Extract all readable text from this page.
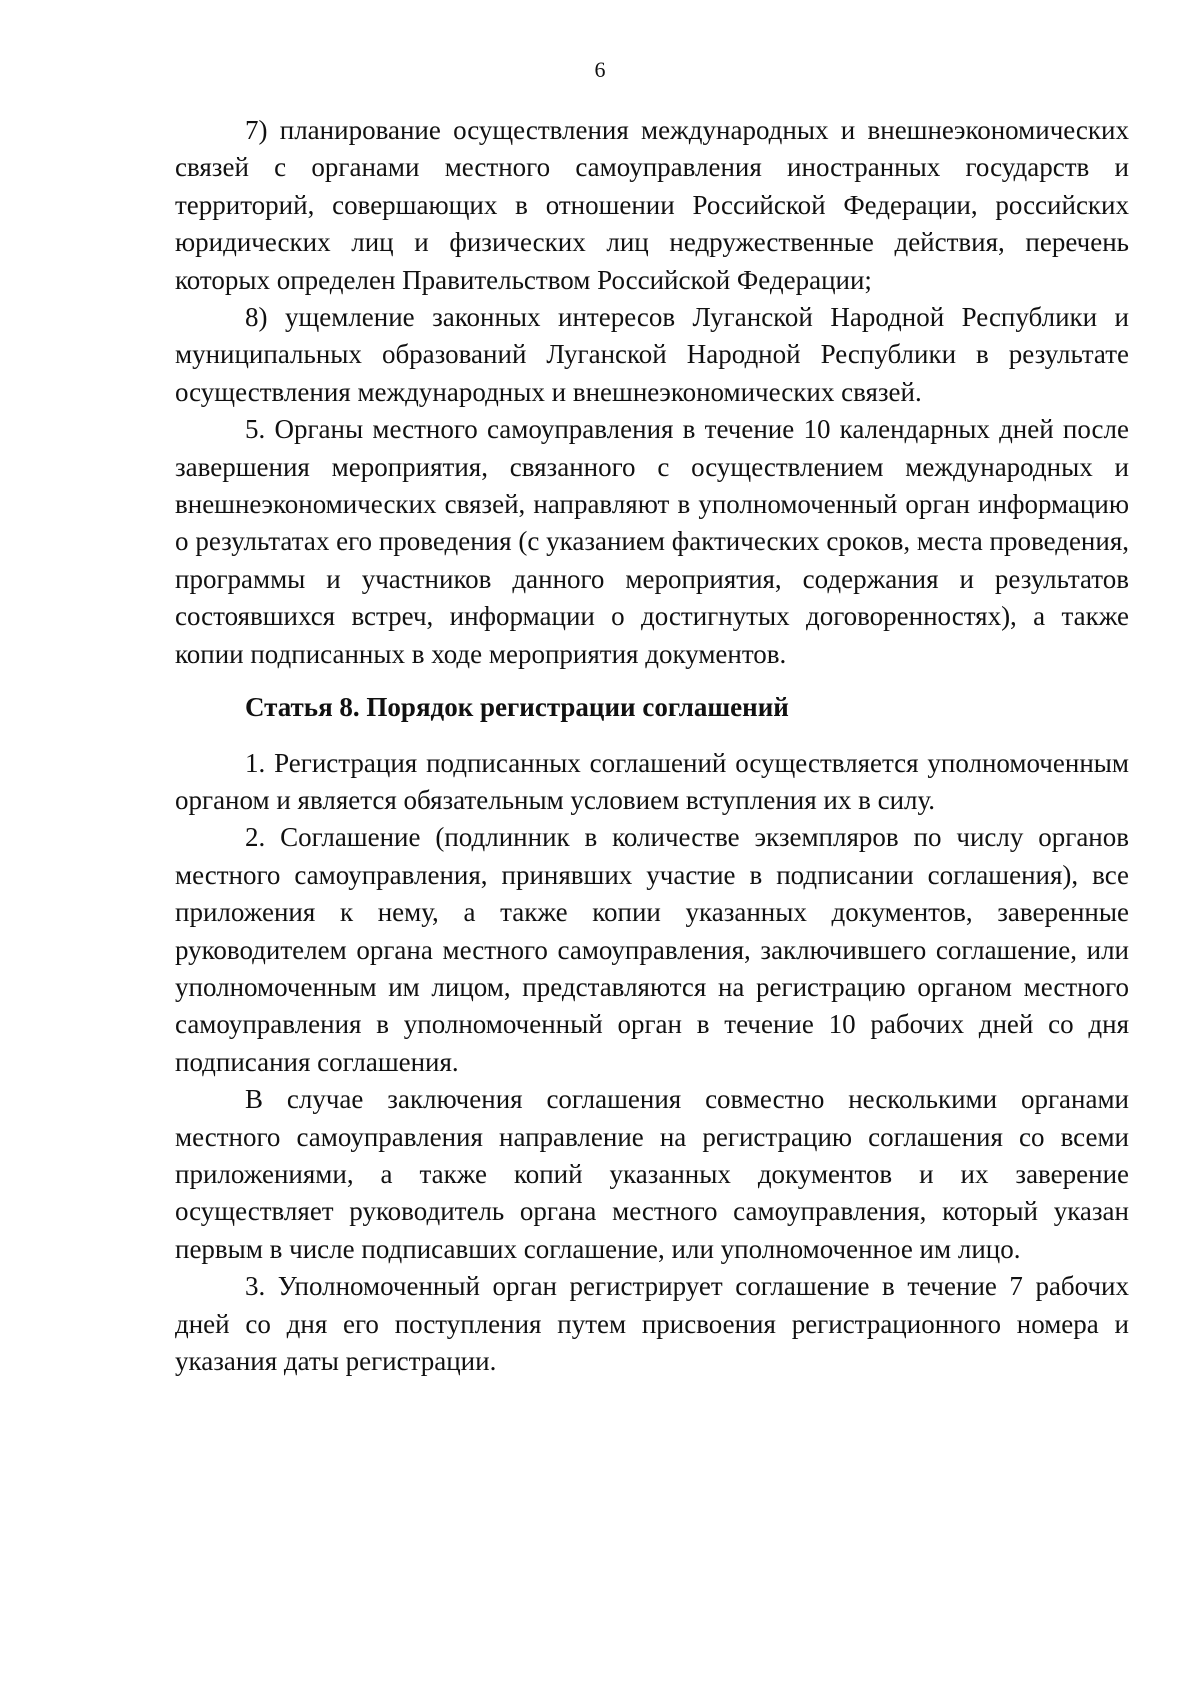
6

7) планирование осуществления международных и внешнеэкономических связей с органами местного самоуправления иностранных государств и территорий, совершающих в отношении Российской Федерации, российских юридических лиц и физических лиц недружественные действия, перечень которых определен Правительством Российской Федерации;

8) ущемление законных интересов Луганской Народной Республики и муниципальных образований Луганской Народной Республики в результате осуществления международных и внешнеэкономических связей.

5. Органы местного самоуправления в течение 10 календарных дней после завершения мероприятия, связанного с осуществлением международных и внешнеэкономических связей, направляют в уполномоченный орган информацию о результатах его проведения (с указанием фактических сроков, места проведения, программы и участников данного мероприятия, содержания и результатов состоявшихся встреч, информации о достигнутых договоренностях), а также копии подписанных в ходе мероприятия документов.

Статья 8. Порядок регистрации соглашений

1. Регистрация подписанных соглашений осуществляется уполномоченным органом и является обязательным условием вступления их в силу.

2. Соглашение (подлинник в количестве экземпляров по числу органов местного самоуправления, принявших участие в подписании соглашения), все приложения к нему, а также копии указанных документов, заверенные руководителем органа местного самоуправления, заключившего соглашение, или уполномоченным им лицом, представляются на регистрацию органом местного самоуправления в уполномоченный орган в течение 10 рабочих дней со дня подписания соглашения.

В случае заключения соглашения совместно несколькими органами местного самоуправления направление на регистрацию соглашения со всеми приложениями, а также копий указанных документов и их заверение осуществляет руководитель органа местного самоуправления, который указан первым в числе подписавших соглашение, или уполномоченное им лицо.

3. Уполномоченный орган регистрирует соглашение в течение 7 рабочих дней со дня его поступления путем присвоения регистрационного номера и указания даты регистрации.
